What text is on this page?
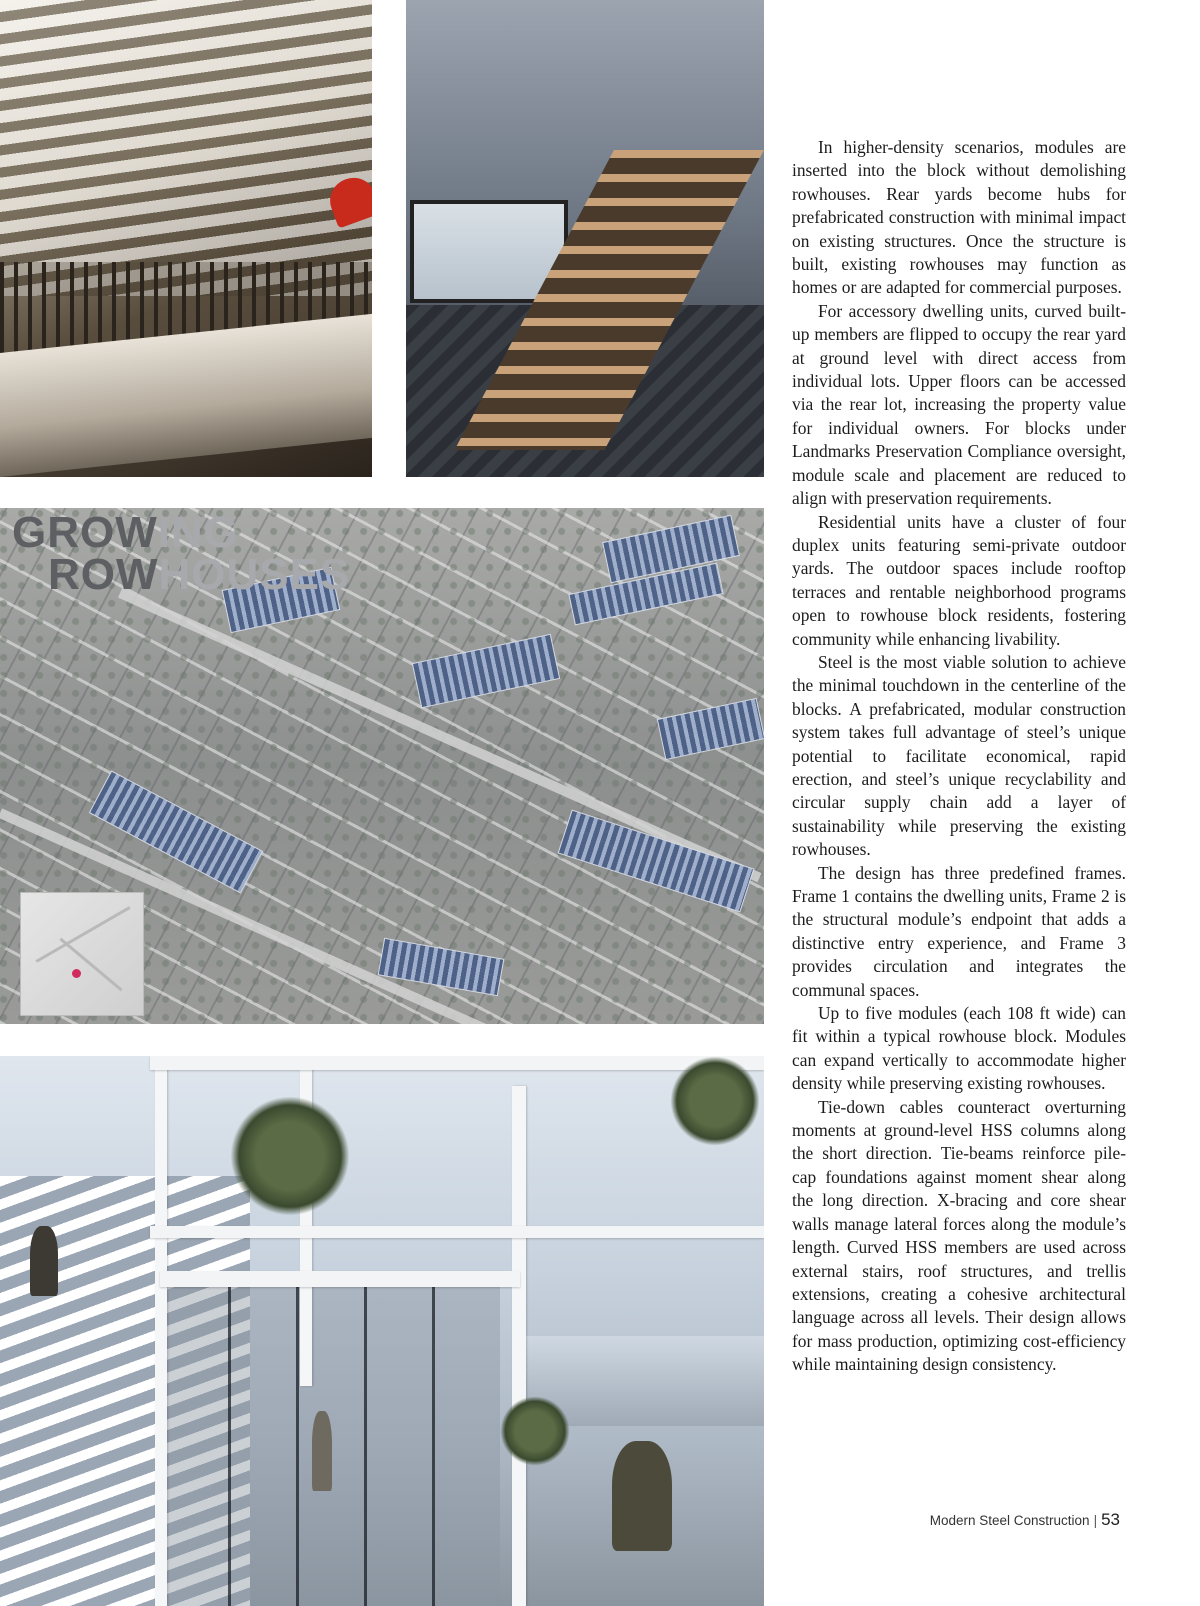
GROWING
ROWHOUSES

In higher-density scenarios, modules are inserted into the block without demolishing rowhouses. Rear yards become hubs for prefabricated construction with minimal impact on existing structures. Once the structure is built, existing rowhouses may function as homes or are adapted for commercial purposes.

For accessory dwelling units, curved built-up members are flipped to occupy the rear yard at ground level with direct access from individual lots. Upper floors can be accessed via the rear lot, increasing the property value for individual owners. For blocks under Landmarks Preservation Compliance oversight, module scale and placement are reduced to align with preservation requirements.

Residential units have a cluster of four duplex units featuring semi-private outdoor yards. The outdoor spaces include rooftop terraces and rentable neighborhood programs open to rowhouse block residents, fostering community while enhancing livability.

Steel is the most viable solution to achieve the minimal touchdown in the centerline of the blocks. A prefabricated, modular construction system takes full advantage of steel’s unique potential to facilitate economical, rapid erection, and steel’s unique recyclability and circular supply chain add a layer of sustainability while preserving the existing rowhouses.

The design has three predefined frames. Frame 1 contains the dwelling units, Frame 2 is the structural module’s endpoint that adds a distinctive entry experience, and Frame 3 provides circulation and integrates the communal spaces.

Up to five modules (each 108 ft wide) can fit within a typical rowhouse block. Modules can expand vertically to accommodate higher density while preserving existing rowhouses.

Tie-down cables counteract overturning moments at ground-level HSS columns along the short direction. Tie-beams reinforce pile-cap foundations against moment shear along the long direction. X-bracing and core shear walls manage lateral forces along the module’s length. Curved HSS members are used across external stairs, roof structures, and trellis extensions, creating a cohesive architectural language across all levels. Their design allows for mass production, optimizing cost-efficiency while maintaining design consistency.

Modern Steel Construction | 53
